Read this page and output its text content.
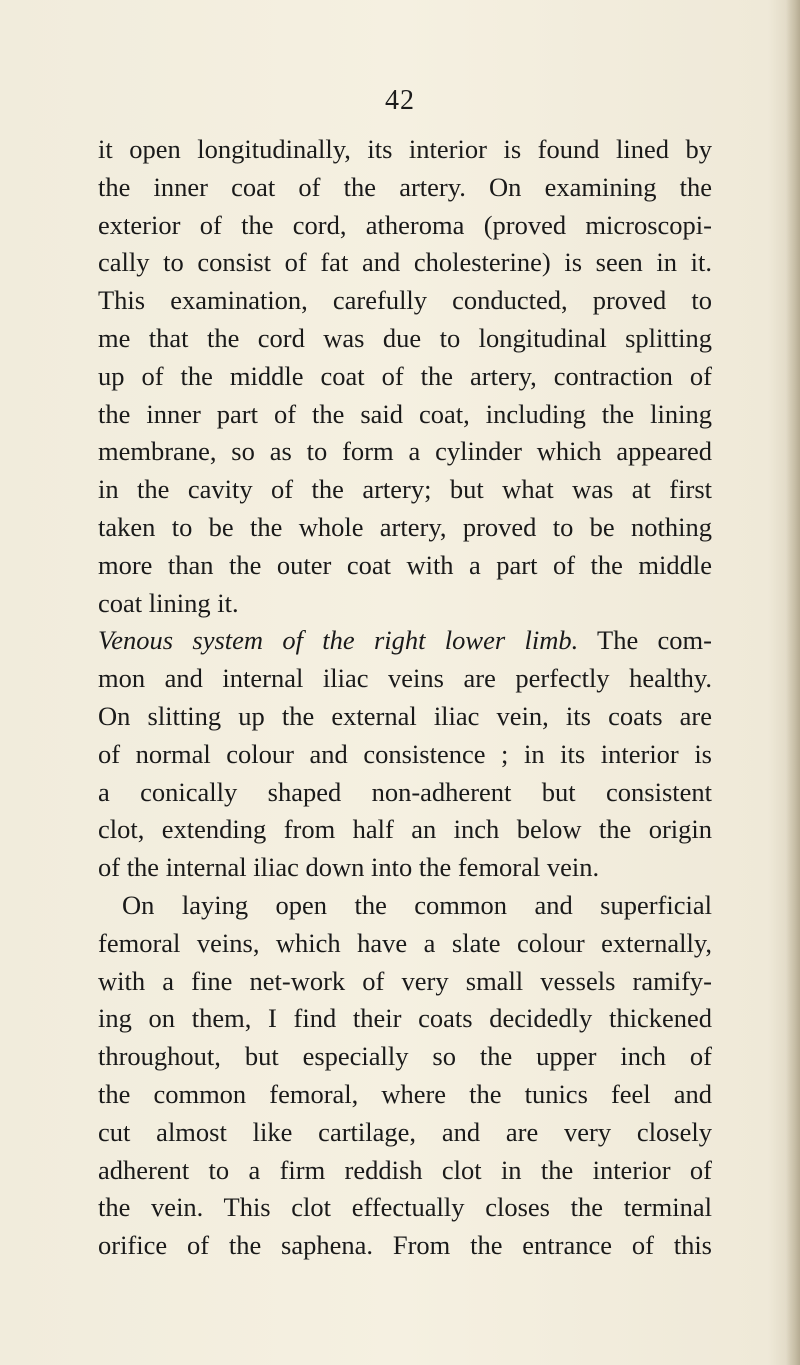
42
it open longitudinally, its interior is found lined by
the inner coat of the artery. On examining the
exterior of the cord, atheroma (proved microscopi-
cally to consist of fat and cholesterine) is seen in it.
This examination, carefully conducted, proved to
me that the cord was due to longitudinal splitting
up of the middle coat of the artery, contraction of
the inner part of the said coat, including the lining
membrane, so as to form a cylinder which appeared
in the cavity of the artery; but what was at first
taken to be the whole artery, proved to be nothing
more than the outer coat with a part of the middle
coat lining it.
Venous system of the right lower limb. The com-
mon and internal iliac veins are perfectly healthy.
On slitting up the external iliac vein, its coats are
of normal colour and consistence ; in its interior is
a conically shaped non-adherent but consistent
clot, extending from half an inch below the origin
of the internal iliac down into the femoral vein.
On laying open the common and superficial
femoral veins, which have a slate colour externally,
with a fine net-work of very small vessels ramify-
ing on them, I find their coats decidedly thickened
throughout, but especially so the upper inch of
the common femoral, where the tunics feel and
cut almost like cartilage, and are very closely
adherent to a firm reddish clot in the interior of
the vein. This clot effectually closes the terminal
orifice of the saphena. From the entrance of this
